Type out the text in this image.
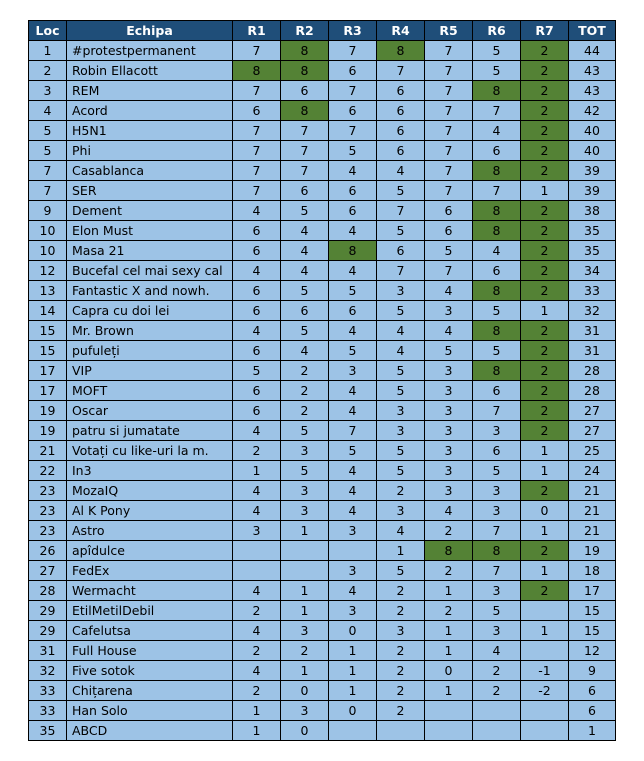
Loc	Echipa	R1	R2	R3	R4	R5	R6	R7	TOT
1	#protestpermanent	7	8	7	8	7	5	2	44
2	Robin Ellacott	8	8	6	7	7	5	2	43
3	REM	7	6	7	6	7	8	2	43
4	Acord	6	8	6	6	7	7	2	42
5	H5N1	7	7	7	6	7	4	2	40
5	Phi	7	7	5	6	7	6	2	40
7	Casablanca	7	7	4	4	7	8	2	39
7	SER	7	6	6	5	7	7	1	39
9	Dement	4	5	6	7	6	8	2	38
10	Elon Must	6	4	4	5	6	8	2	35
10	Masa 21	6	4	8	6	5	4	2	35
12	Bucefal cel mai sexy cal	4	4	4	7	7	6	2	34
13	Fantastic X and nowh.	6	5	5	3	4	8	2	33
14	Capra cu doi lei	6	6	6	5	3	5	1	32
15	Mr. Brown	4	5	4	4	4	8	2	31
15	pufuleți	6	4	5	4	5	5	2	31
17	VIP	5	2	3	5	3	8	2	28
17	MOFT	6	2	4	5	3	6	2	28
19	Oscar	6	2	4	3	3	7	2	27
19	patru si jumatate	4	5	7	3	3	3	2	27
21	Votați cu like-uri la m.	2	3	5	5	3	6	1	25
22	In3	1	5	4	5	3	5	1	24
23	MozaIQ	4	3	4	2	3	3	2	21
23	Al K Pony	4	3	4	3	4	3	0	21
23	Astro	3	1	3	4	2	7	1	21
26	apîdulce				1	8	8	2	19
27	FedEx			3	5	2	7	1	18
28	Wermacht	4	1	4	2	1	3	2	17
29	EtilMetilDebil	2	1	3	2	2	5		15
29	Cafelutsa	4	3	0	3	1	3	1	15
31	Full House	2	2	1	2	1	4		12
32	Five sotok	4	1	1	2	0	2	-1	9
33	Chițarena	2	0	1	2	1	2	-2	6
33	Han Solo	1	3	0	2				6
35	ABCD	1	0						1
